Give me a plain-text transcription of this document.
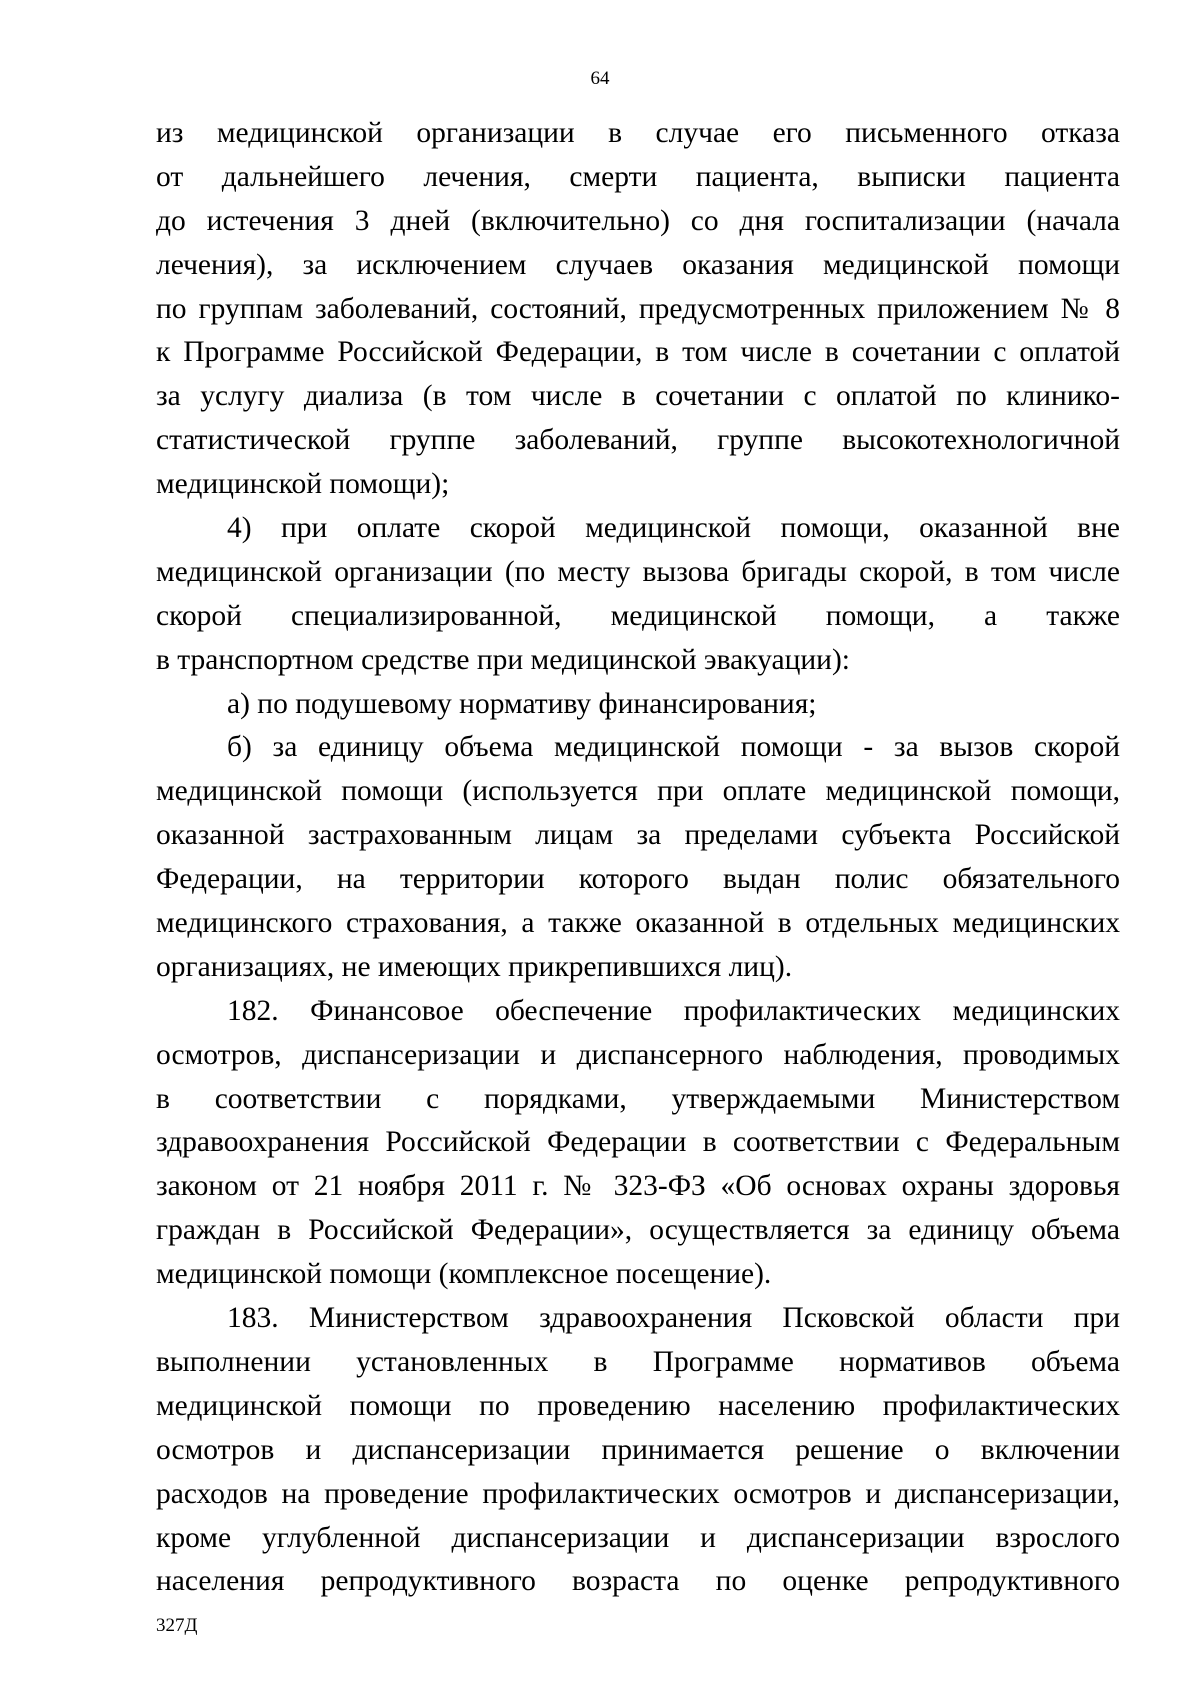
64
из медицинской организации в случае его письменного отказа
от дальнейшего лечения, смерти пациента, выписки пациента
до истечения 3 дней (включительно) со дня госпитализации (начала
лечения), за исключением случаев оказания медицинской помощи
по группам заболеваний, состояний, предусмотренных приложением № 8
к Программе Российской Федерации, в том числе в сочетании с оплатой
за услугу диализа (в том числе в сочетании с оплатой по клинико-
статистической группе заболеваний, группе высокотехнологичной
медицинской помощи);
4) при оплате скорой медицинской помощи, оказанной вне
медицинской организации (по месту вызова бригады скорой, в том числе
скорой специализированной, медицинской помощи, а также
в транспортном средстве при медицинской эвакуации):
а) по подушевому нормативу финансирования;
б) за единицу объема медицинской помощи - за вызов скорой
медицинской помощи (используется при оплате медицинской помощи,
оказанной застрахованным лицам за пределами субъекта Российской
Федерации, на территории которого выдан полис обязательного
медицинского страхования, а также оказанной в отдельных медицинских
организациях, не имеющих прикрепившихся лиц).
182. Финансовое обеспечение профилактических медицинских
осмотров, диспансеризации и диспансерного наблюдения, проводимых
в соответствии с порядками, утверждаемыми Министерством
здравоохранения Российской Федерации в соответствии с Федеральным
законом от 21 ноября 2011 г. № 323-ФЗ «Об основах охраны здоровья
граждан в Российской Федерации», осуществляется за единицу объема
медицинской помощи (комплексное посещение).
183. Министерством здравоохранения Псковской области при
выполнении установленных в Программе нормативов объема
медицинской помощи по проведению населению профилактических
осмотров и диспансеризации принимается решение о включении
расходов на проведение профилактических осмотров и диспансеризации,
кроме углубленной диспансеризации и диспансеризации взрослого
населения репродуктивного возраста по оценке репродуктивного
327Д
